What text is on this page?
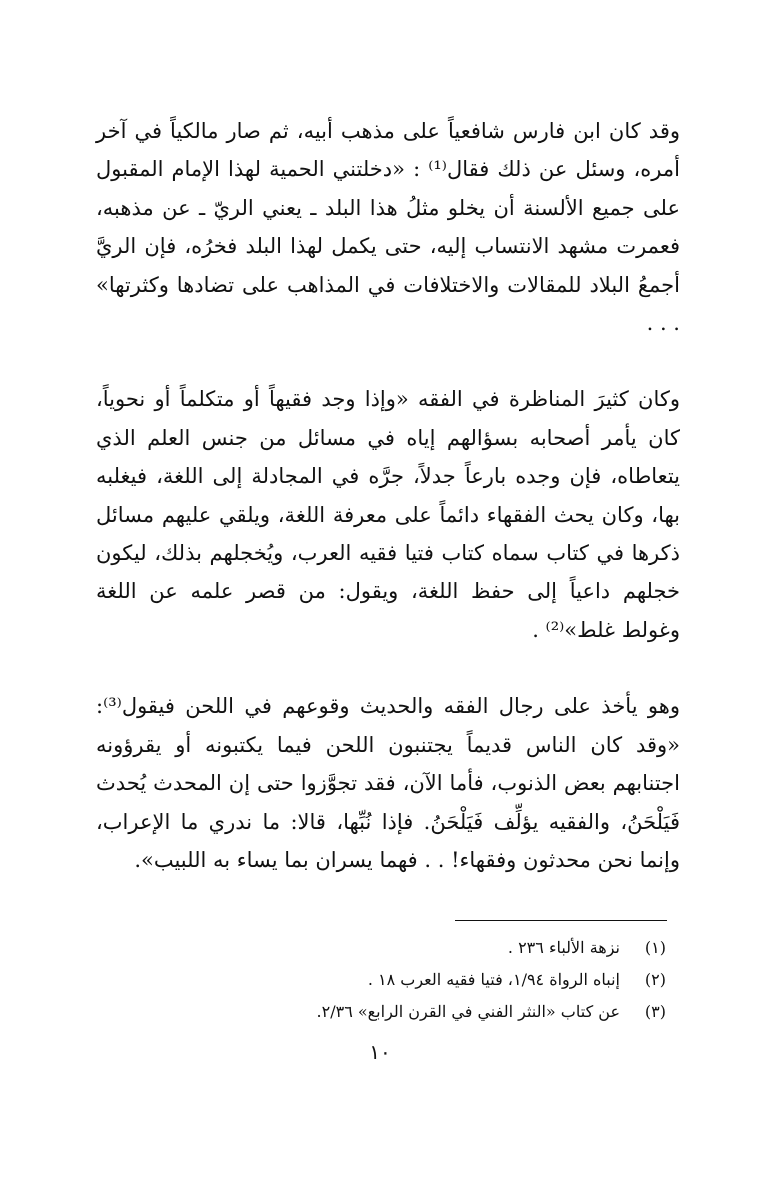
وقد كان ابن فارس شافعياً على مذهب أبيه، ثم صار مالكياً في آخر أمره، وسئل عن ذلك فقال⁽¹⁾ : «دخلتني الحمية لهذا الإمام المقبول على جميع الألسنة أن يخلو مثلُ هذا البلد ـ يعني الريّ ـ عن مذهبه، فعمرت مشهد الانتساب إليه، حتى يكمل لهذا البلد فخرُه، فإن الريَّ أجمعُ البلاد للمقالات والاختلافات في المذاهب على تضادها وكثرتها» . . .

وكان كثيرَ المناظرة في الفقه «وإذا وجد فقيهاً أو متكلماً أو نحوياً، كان يأمر أصحابه بسؤالهم إياه في مسائل من جنس العلم الذي يتعاطاه، فإن وجده بارعاً جدلاً، جرَّه في المجادلة إلى اللغة، فيغلبه بها، وكان يحث الفقهاء دائماً على معرفة اللغة، ويلقي عليهم مسائل ذكرها في كتاب سماه كتاب فتيا فقيه العرب، ويُخجلهم بذلك، ليكون خجلهم داعياً إلى حفظ اللغة، ويقول: من قصر علمه عن اللغة وغولط غلط»⁽²⁾ .

وهو يأخذ على رجال الفقه والحديث وقوعهم في اللحن فيقول⁽³⁾: «وقد كان الناس قديماً يجتنبون اللحن فيما يكتبونه أو يقرؤونه اجتنابهم بعض الذنوب، فأما الآن، فقد تجوَّزوا حتى إن المحدث يُحدث فَيَلْحَنُ، والفقيه يؤلِّف فَيَلْحَنُ. فإذا نُبِّها، قالا: ما ندري ما الإعراب، وإنما نحن محدثون وفقهاء! . . فهما يسران بما يساء به اللبيب».

(١)
نزهة الألباء ٢٣٦ .
(٢)
إنباه الرواة ١/٩٤، فتيا فقيه العرب ١٨ .
(٣)
عن كتاب «النثر الفني في القرن الرابع» ٢/٣٦.
١٠
